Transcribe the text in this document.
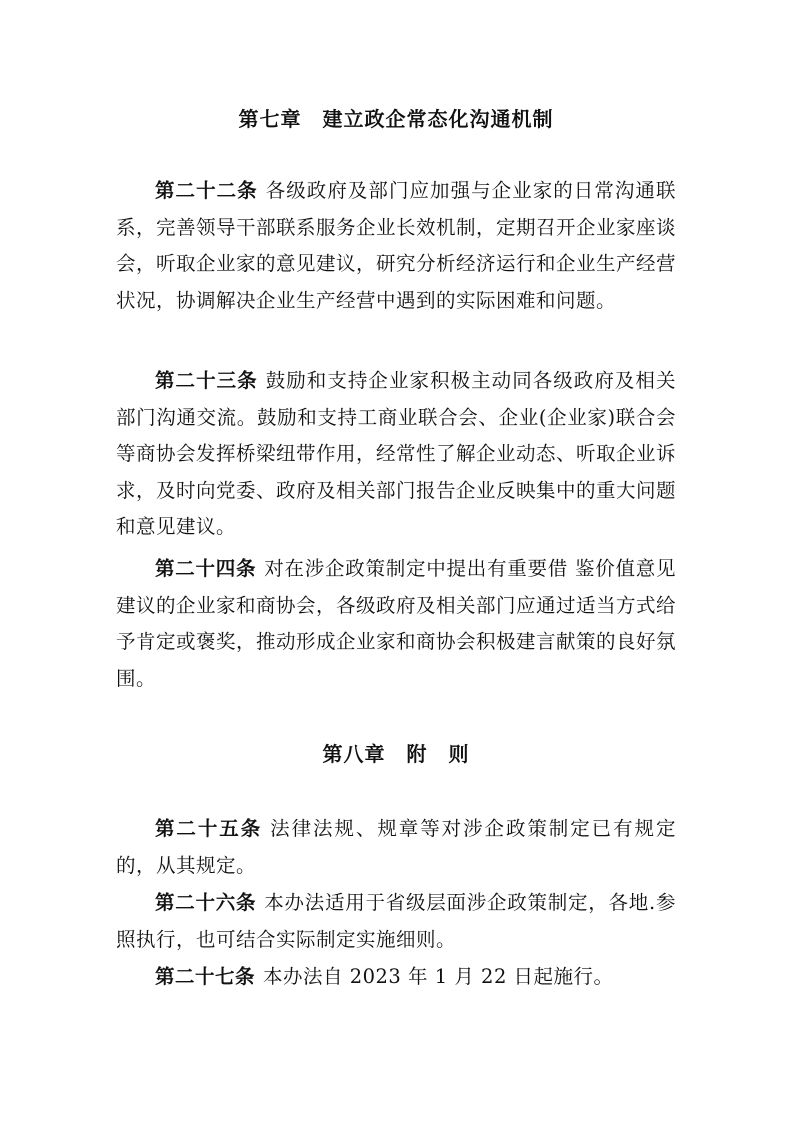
第七章　建立政企常态化沟通机制
第二十二条 各级政府及部门应加强与企业家的日常沟通联系，完善领导干部联系服务企业长效机制，定期召开企业家座谈会，听取企业家的意见建议，研究分析经济运行和企业生产经营状况，协调解决企业生产经营中遇到的实际困难和问题。
第二十三条 鼓励和支持企业家积极主动同各级政府及相关部门沟通交流。鼓励和支持工商业联合会、企业(企业家)联合会等商协会发挥桥梁纽带作用，经常性了解企业动态、听取企业诉求，及时向党委、政府及相关部门报告企业反映集中的重大问题和意见建议。
第二十四条 对在涉企政策制定中提出有重要借 鉴价值意见建议的企业家和商协会，各级政府及相关部门应通过适当方式给予肯定或褒奖，推动形成企业家和商协会积极建言献策的良好氛围。
第八章　附　则
第二十五条 法律法规、规章等对涉企政策制定已有规定的，从其规定。
第二十六条 本办法适用于省级层面涉企政策制定，各地.参照执行，也可结合实际制定实施细则。
第二十七条 本办法自 2023 年 1 月 22 日起施行。
